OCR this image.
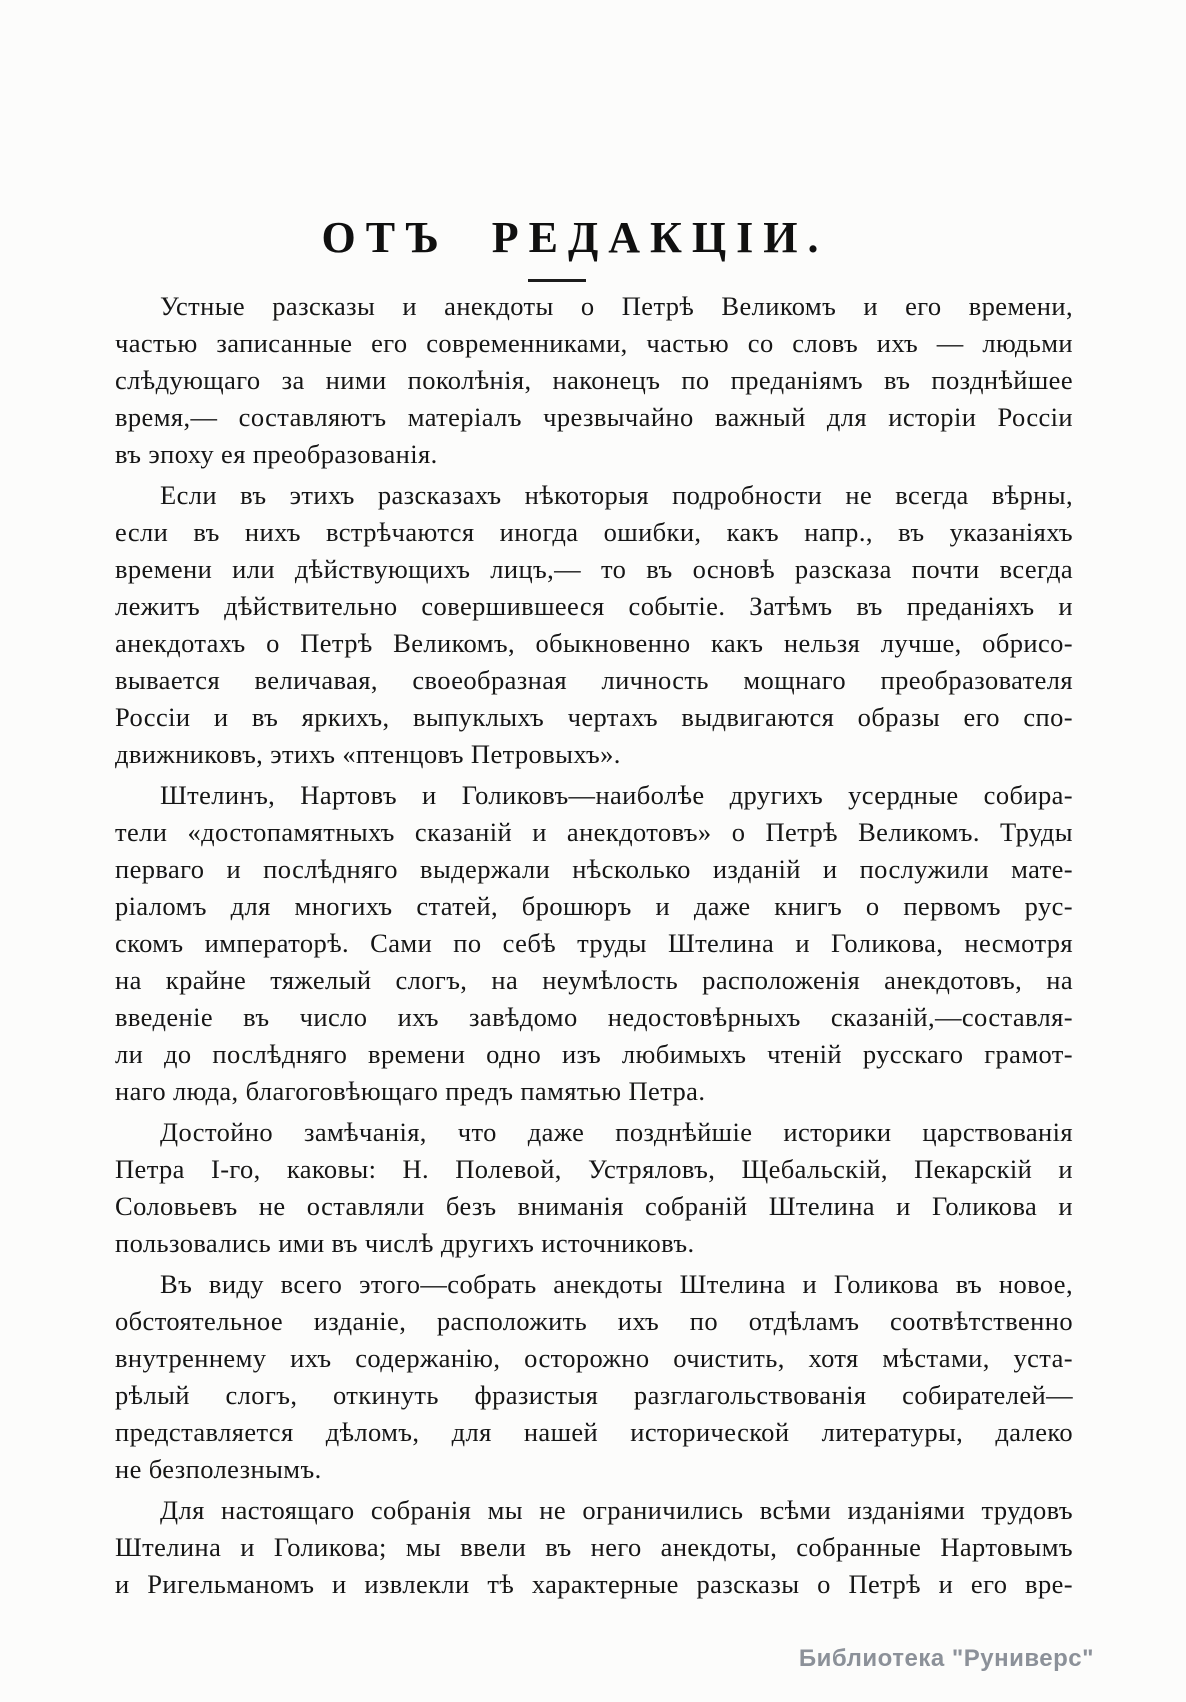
ОТЪ РЕДАКЦІИ.
Устные разсказы и анекдоты о Петрѣ Великомъ и его времени,
частью записанные его современниками, частью со словъ ихъ — людьми
слѣдующаго за ними поколѣнія, наконецъ по преданіямъ въ позднѣйшее
время,— составляютъ матеріалъ чрезвычайно важный для исторіи Россіи
въ эпоху ея преобразованія.
Если въ этихъ разсказахъ нѣкоторыя подробности не всегда вѣрны,
если въ нихъ встрѣчаются иногда ошибки, какъ напр., въ указаніяхъ
времени или дѣйствующихъ лицъ,— то въ основѣ разсказа почти всегда
лежитъ дѣйствительно совершившееся событіе. Затѣмъ въ преданіяхъ и
анекдотахъ о Петрѣ Великомъ, обыкновенно какъ нельзя лучше, обрисо-
вывается величавая, своеобразная личность мощнаго преобразователя
Россіи и въ яркихъ, выпуклыхъ чертахъ выдвигаются образы его спо-
движниковъ, этихъ «птенцовъ Петровыхъ».
Штелинъ, Нартовъ и Голиковъ—наиболѣе другихъ усердные собира-
тели «достопамятныхъ сказаній и анекдотовъ» о Петрѣ Великомъ. Труды
перваго и послѣдняго выдержали нѣсколько изданій и послужили мате-
ріаломъ для многихъ статей, брошюръ и даже книгъ о первомъ рус-
скомъ императорѣ. Сами по себѣ труды Штелина и Голикова, несмотря
на крайне тяжелый слогъ, на неумѣлость расположенія анекдотовъ, на
введеніе въ число ихъ завѣдомо недостовѣрныхъ сказаній,—составля-
ли до послѣдняго времени одно изъ любимыхъ чтеній русскаго грамот-
наго люда, благоговѣющаго предъ памятью Петра.
Достойно замѣчанія, что даже позднѣйшіе историки царствованія
Петра І-го, каковы: Н. Полевой, Устряловъ, Щебальскій, Пекарскій и
Соловьевъ не оставляли безъ вниманія собраній Штелина и Голикова и
пользовались ими въ числѣ другихъ источниковъ.
Въ виду всего этого—собрать анекдоты Штелина и Голикова въ новое,
обстоятельное изданіе, расположить ихъ по отдѣламъ соотвѣтственно
внутреннему ихъ содержанію, осторожно очистить, хотя мѣстами, уста-
рѣлый слогъ, откинуть фразистыя разглагольствованія собирателей—
представляется дѣломъ, для нашей исторической литературы, далеко
не безполезнымъ.
Для настоящаго собранія мы не ограничились всѣми изданіями трудовъ
Штелина и Голикова; мы ввели въ него анекдоты, собранные Нартовымъ
и Ригельманомъ и извлекли тѣ характерные разсказы о Петрѣ и его вре-
Библиотека "Руниверс"
